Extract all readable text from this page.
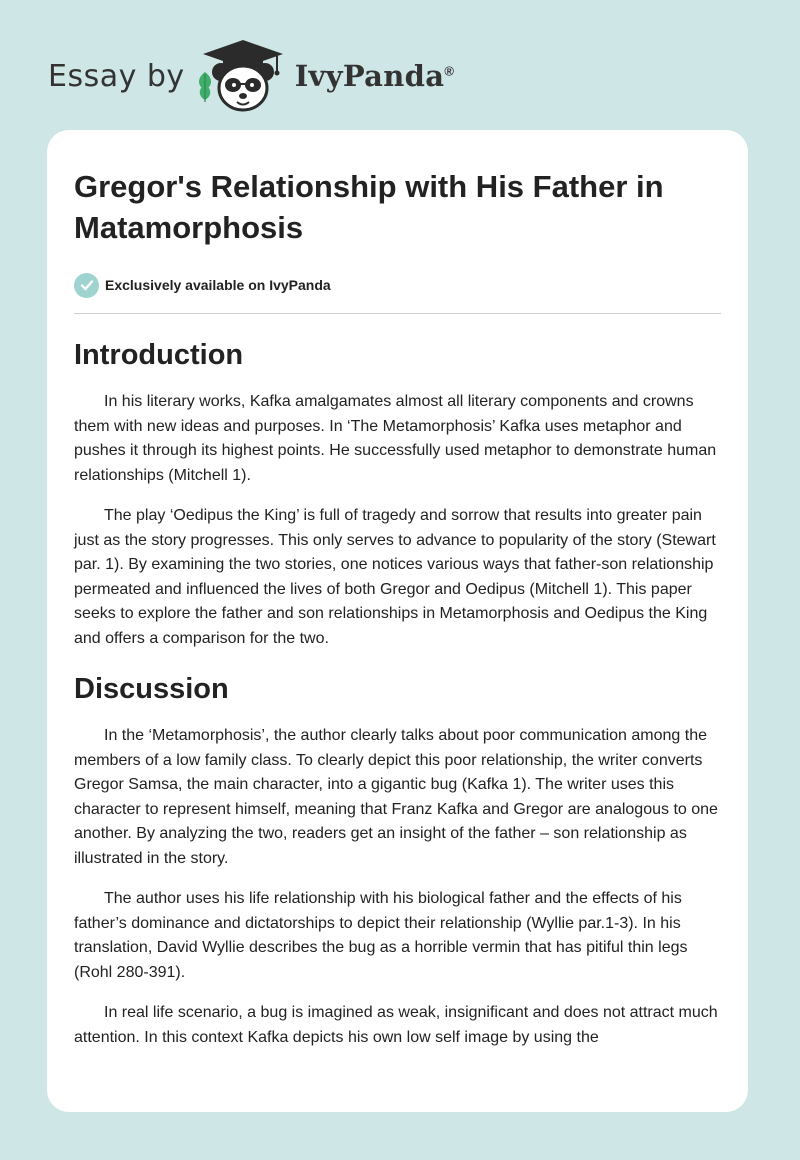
Essay by	IvyPanda®
Gregor's Relationship with His Father in Matamorphosis
Exclusively available on IvyPanda
Introduction

In his literary works, Kafka amalgamates almost all literary components and crowns them with new ideas and purposes. In ‘The Metamorphosis’ Kafka uses metaphor and pushes it through its highest points. He successfully used metaphor to demonstrate human relationships (Mitchell 1).

The play ‘Oedipus the King’ is full of tragedy and sorrow that results into greater pain just as the story progresses. This only serves to advance to popularity of the story (Stewart par. 1). By examining the two stories, one notices various ways that father-son relationship permeated and influenced the lives of both Gregor and Oedipus (Mitchell 1). This paper seeks to explore the father and son relationships in Metamorphosis and Oedipus the King and offers a comparison for the two.

Discussion

In the ‘Metamorphosis’, the author clearly talks about poor communication among the members of a low family class. To clearly depict this poor relationship, the writer converts Gregor Samsa, the main character, into a gigantic bug (Kafka 1). The writer uses this character to represent himself, meaning that Franz Kafka and Gregor are analogous to one another. By analyzing the two, readers get an insight of the father – son relationship as illustrated in the story.

The author uses his life relationship with his biological father and the effects of his father’s dominance and dictatorships to depict their relationship (Wyllie par.1-3). In his translation, David Wyllie describes the bug as a horrible vermin that has pitiful thin legs (Rohl 280-391).

In real life scenario, a bug is imagined as weak, insignificant and does not attract much attention. In this context Kafka depicts his own low self image by using the
